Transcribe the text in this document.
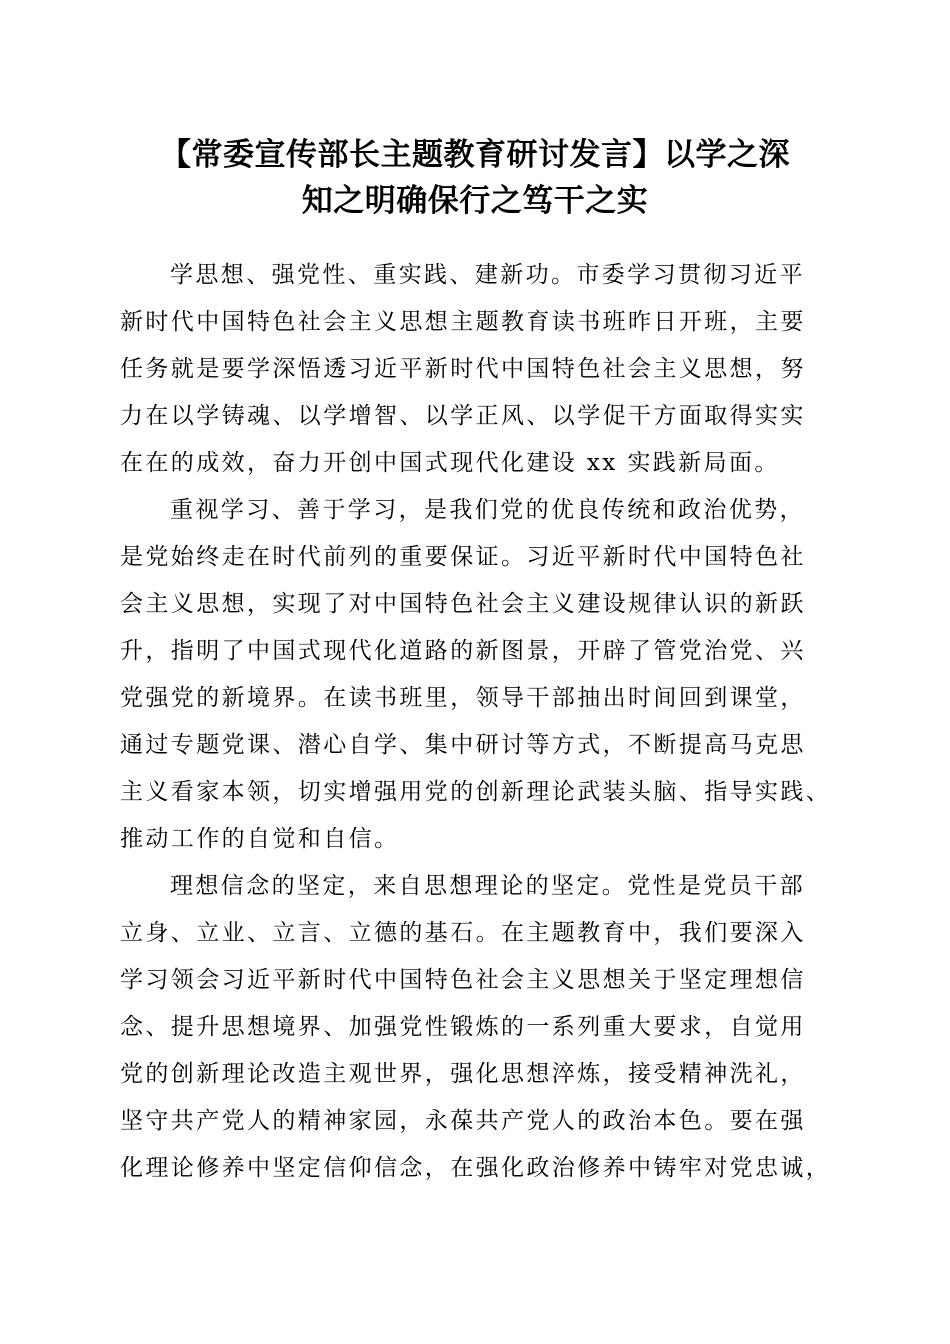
【常委宣传部长主题教育研讨发言】以学之深
知之明确保行之笃干之实
学思想、强党性、重实践、建新功。市委学习贯彻习近平
新时代中国特色社会主义思想主题教育读书班昨日开班，主要
任务就是要学深悟透习近平新时代中国特色社会主义思想，努
力在以学铸魂、以学增智、以学正风、以学促干方面取得实实
在在的成效，奋力开创中国式现代化建设 xx 实践新局面。
重视学习、善于学习，是我们党的优良传统和政治优势，
是党始终走在时代前列的重要保证。习近平新时代中国特色社
会主义思想，实现了对中国特色社会主义建设规律认识的新跃
升，指明了中国式现代化道路的新图景，开辟了管党治党、兴
党强党的新境界。在读书班里，领导干部抽出时间回到课堂，
通过专题党课、潜心自学、集中研讨等方式，不断提高马克思
主义看家本领，切实增强用党的创新理论武装头脑、指导实践、
推动工作的自觉和自信。
理想信念的坚定，来自思想理论的坚定。党性是党员干部
立身、立业、立言、立德的基石。在主题教育中，我们要深入
学习领会习近平新时代中国特色社会主义思想关于坚定理想信
念、提升思想境界、加强党性锻炼的一系列重大要求，自觉用
党的创新理论改造主观世界，强化思想淬炼，接受精神洗礼，
坚守共产党人的精神家园，永葆共产党人的政治本色。要在强
化理论修养中坚定信仰信念，在强化政治修养中铸牢对党忠诚，
